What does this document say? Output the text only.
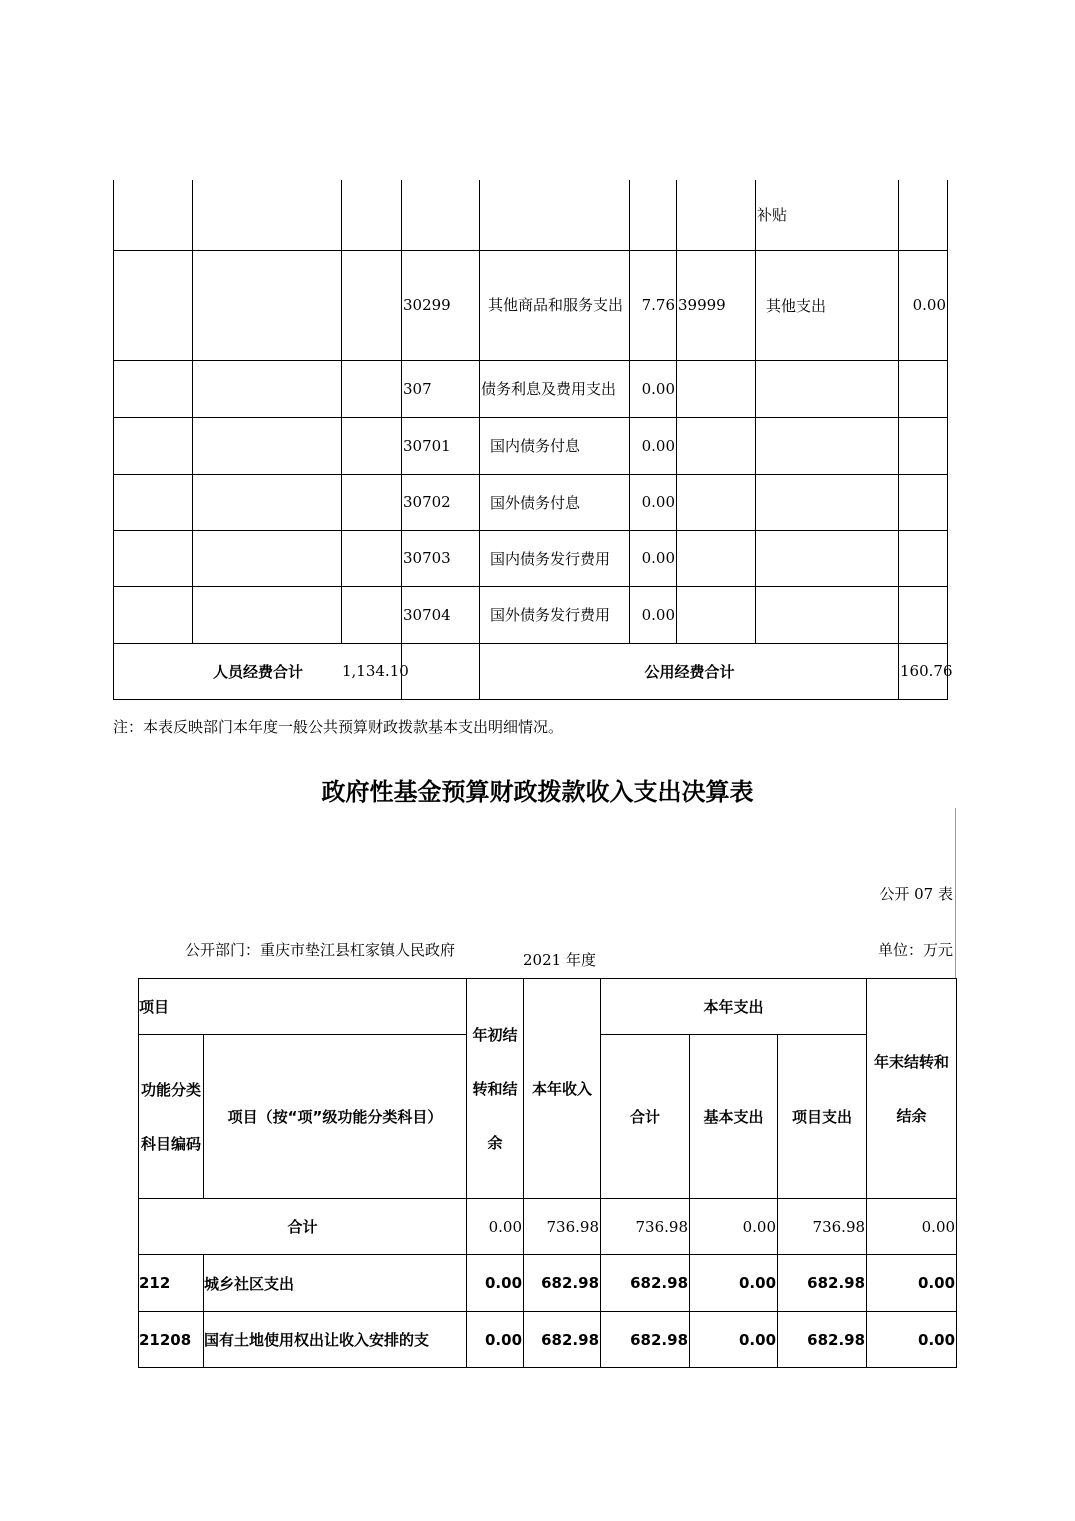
							补贴	
			30299	其他商品和服务支出	7.76	39999	其他支出	0.00
			307	债务利息及费用支出	0.00			
			30701	国内债务付息	0.00			
			30702	国外债务付息	0.00			
			30703	国内债务发行费用	0.00			
			30704	国外债务发行费用	0.00			
人员经费合计			1,134.10	公用经费合计				160.76
注：本表反映部门本年度一般公共预算财政拨款基本支出明细情况。
政府性基金预算财政拨款收入支出决算表
公开 07 表
公开部门：重庆市垫江县杠家镇人民政府
2021 年度
单位：万元
项目		年初结转和结余	本年收入	本年支出			年末结转和结余
功能分类科目编码	项目（按“项”级功能分类科目）			合计	基本支出	项目支出	
合计		0.00	736.98	736.98	0.00	736.98	0.00
212	城乡社区支出	0.00	682.98	682.98	0.00	682.98	0.00
21208	国有土地使用权出让收入安排的支	0.00	682.98	682.98	0.00	682.98	0.00
